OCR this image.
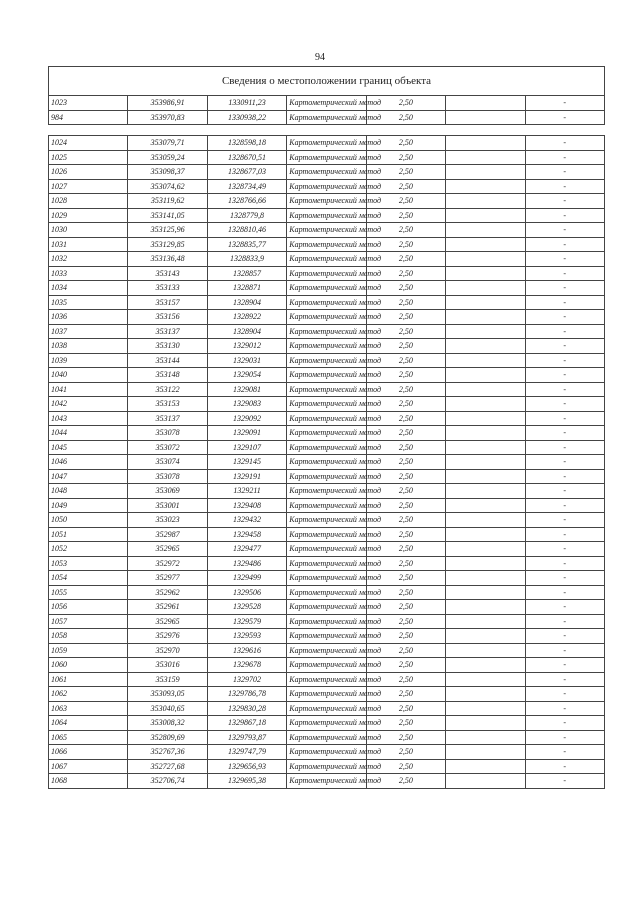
94
Сведения о местоположении границ объекта						
1023	353986,91	1330911,23	Картометрический метод	2,50		-
984	353970,83	1330938,22	Картометрический метод	2,50		-

1024	353079,71	1328598,18	Картометрический метод	2,50		-
1025	353059,24	1328670,51	Картометрический метод	2,50		-
1026	353098,37	1328677,03	Картометрический метод	2,50		-
1027	353074,62	1328734,49	Картометрический метод	2,50		-
1028	353119,62	1328766,66	Картометрический метод	2,50		-
1029	353141,05	1328779,8	Картометрический метод	2,50		-
1030	353125,96	1328810,46	Картометрический метод	2,50		-
1031	353129,85	1328835,77	Картометрический метод	2,50		-
1032	353136,48	1328833,9	Картометрический метод	2,50		-
1033	353143	1328857	Картометрический метод	2,50		-
1034	353133	1328871	Картометрический метод	2,50		-
1035	353157	1328904	Картометрический метод	2,50		-
1036	353156	1328922	Картометрический метод	2,50		-
1037	353137	1328904	Картометрический метод	2,50		-
1038	353130	1329012	Картометрический метод	2,50		-
1039	353144	1329031	Картометрический метод	2,50		-
1040	353148	1329054	Картометрический метод	2,50		-
1041	353122	1329081	Картометрический метод	2,50		-
1042	353153	1329083	Картометрический метод	2,50		-
1043	353137	1329092	Картометрический метод	2,50		-
1044	353078	1329091	Картометрический метод	2,50		-
1045	353072	1329107	Картометрический метод	2,50		-
1046	353074	1329145	Картометрический метод	2,50		-
1047	353078	1329191	Картометрический метод	2,50		-
1048	353069	1329211	Картометрический метод	2,50		-
1049	353001	1329408	Картометрический метод	2,50		-
1050	353023	1329432	Картометрический метод	2,50		-
1051	352987	1329458	Картометрический метод	2,50		-
1052	352965	1329477	Картометрический метод	2,50		-
1053	352972	1329486	Картометрический метод	2,50		-
1054	352977	1329499	Картометрический метод	2,50		-
1055	352962	1329506	Картометрический метод	2,50		-
1056	352961	1329528	Картометрический метод	2,50		-
1057	352965	1329579	Картометрический метод	2,50		-
1058	352976	1329593	Картометрический метод	2,50		-
1059	352970	1329616	Картометрический метод	2,50		-
1060	353016	1329678	Картометрический метод	2,50		-
1061	353159	1329702	Картометрический метод	2,50		-
1062	353093,05	1329786,78	Картометрический метод	2,50		-
1063	353040,65	1329830,28	Картометрический метод	2,50		-
1064	353008,32	1329867,18	Картометрический метод	2,50		-
1065	352809,69	1329793,87	Картометрический метод	2,50		-
1066	352767,36	1329747,79	Картометрический метод	2,50		-
1067	352727,68	1329656,93	Картометрический метод	2,50		-
1068	352706,74	1329695,38	Картометрический метод	2,50		-
